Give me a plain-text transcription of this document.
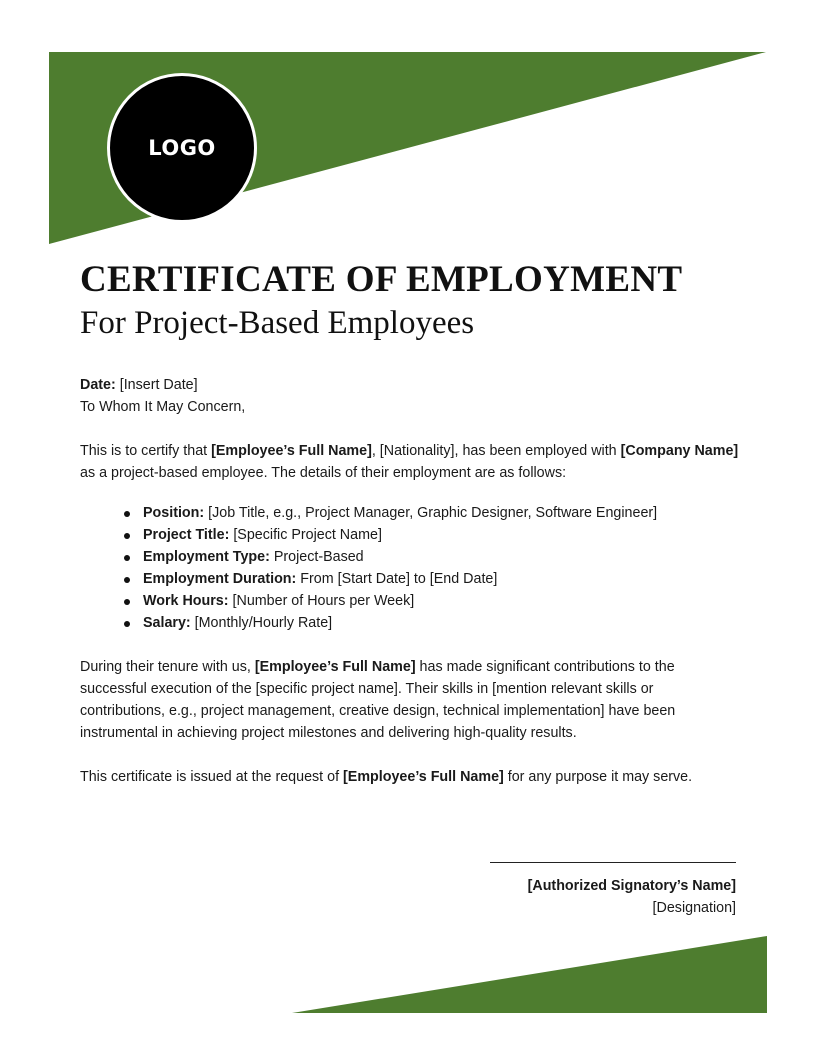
LOGO
CERTIFICATE OF EMPLOYMENT
For Project-Based Employees

Date: [Insert Date]

To Whom It May Concern,

This is to certify that [Employee’s Full Name], [Nationality], has been employed with [Company Name] as a project-based employee. The details of their employment are as follows:

Position: [Job Title, e.g., Project Manager, Graphic Designer, Software Engineer]
Project Title: [Specific Project Name]
Employment Type: Project-Based
Employment Duration: From [Start Date] to [End Date]
Work Hours: [Number of Hours per Week]
Salary: [Monthly/Hourly Rate]

During their tenure with us, [Employee’s Full Name] has made significant contributions to the successful execution of the [specific project name]. Their skills in [mention relevant skills or contributions, e.g., project management, creative design, technical implementation] have been instrumental in achieving project milestones and delivering high-quality results.

This certificate is issued at the request of [Employee’s Full Name] for any purpose it may serve.

[Authorized Signatory’s Name]
[Designation]
